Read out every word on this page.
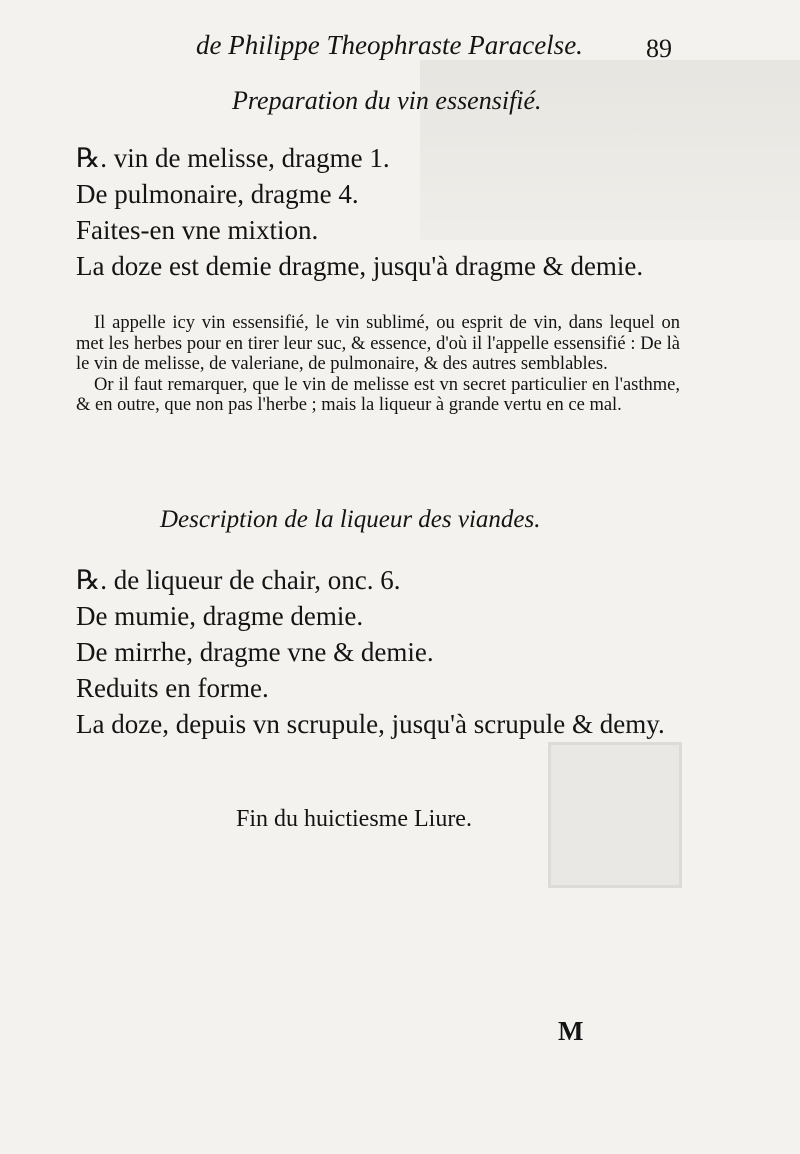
de Philippe Theophraste Paracelse.	89
Preparation du vin essensifié.
℞. vin de melisse, dragme 1.
De pulmonaire, dragme 4.
Faites-en vne mixtion.
La doze est demie dragme, jusqu'à dragme & demie.

Il appelle icy vin essensifié, le vin sublimé, ou esprit de vin, dans lequel on met les herbes pour en tirer leur suc, & essence, d'où il l'appelle essensifié : De là le vin de melisse, de valeriane, de pulmonaire, & des autres semblables.

Or il faut remarquer, que le vin de melisse est vn secret particulier en l'asthme, & en outre, que non pas l'herbe ; mais la liqueur à grande vertu en ce mal.

Description de la liqueur des viandes.
℞. de liqueur de chair, onc. 6.
De mumie, dragme demie.
De mirrhe, dragme vne & demie.
Reduits en forme.
La doze, depuis vn scrupule, jusqu'à scrupule & demy.
Fin du huictiesme Liure.
M
